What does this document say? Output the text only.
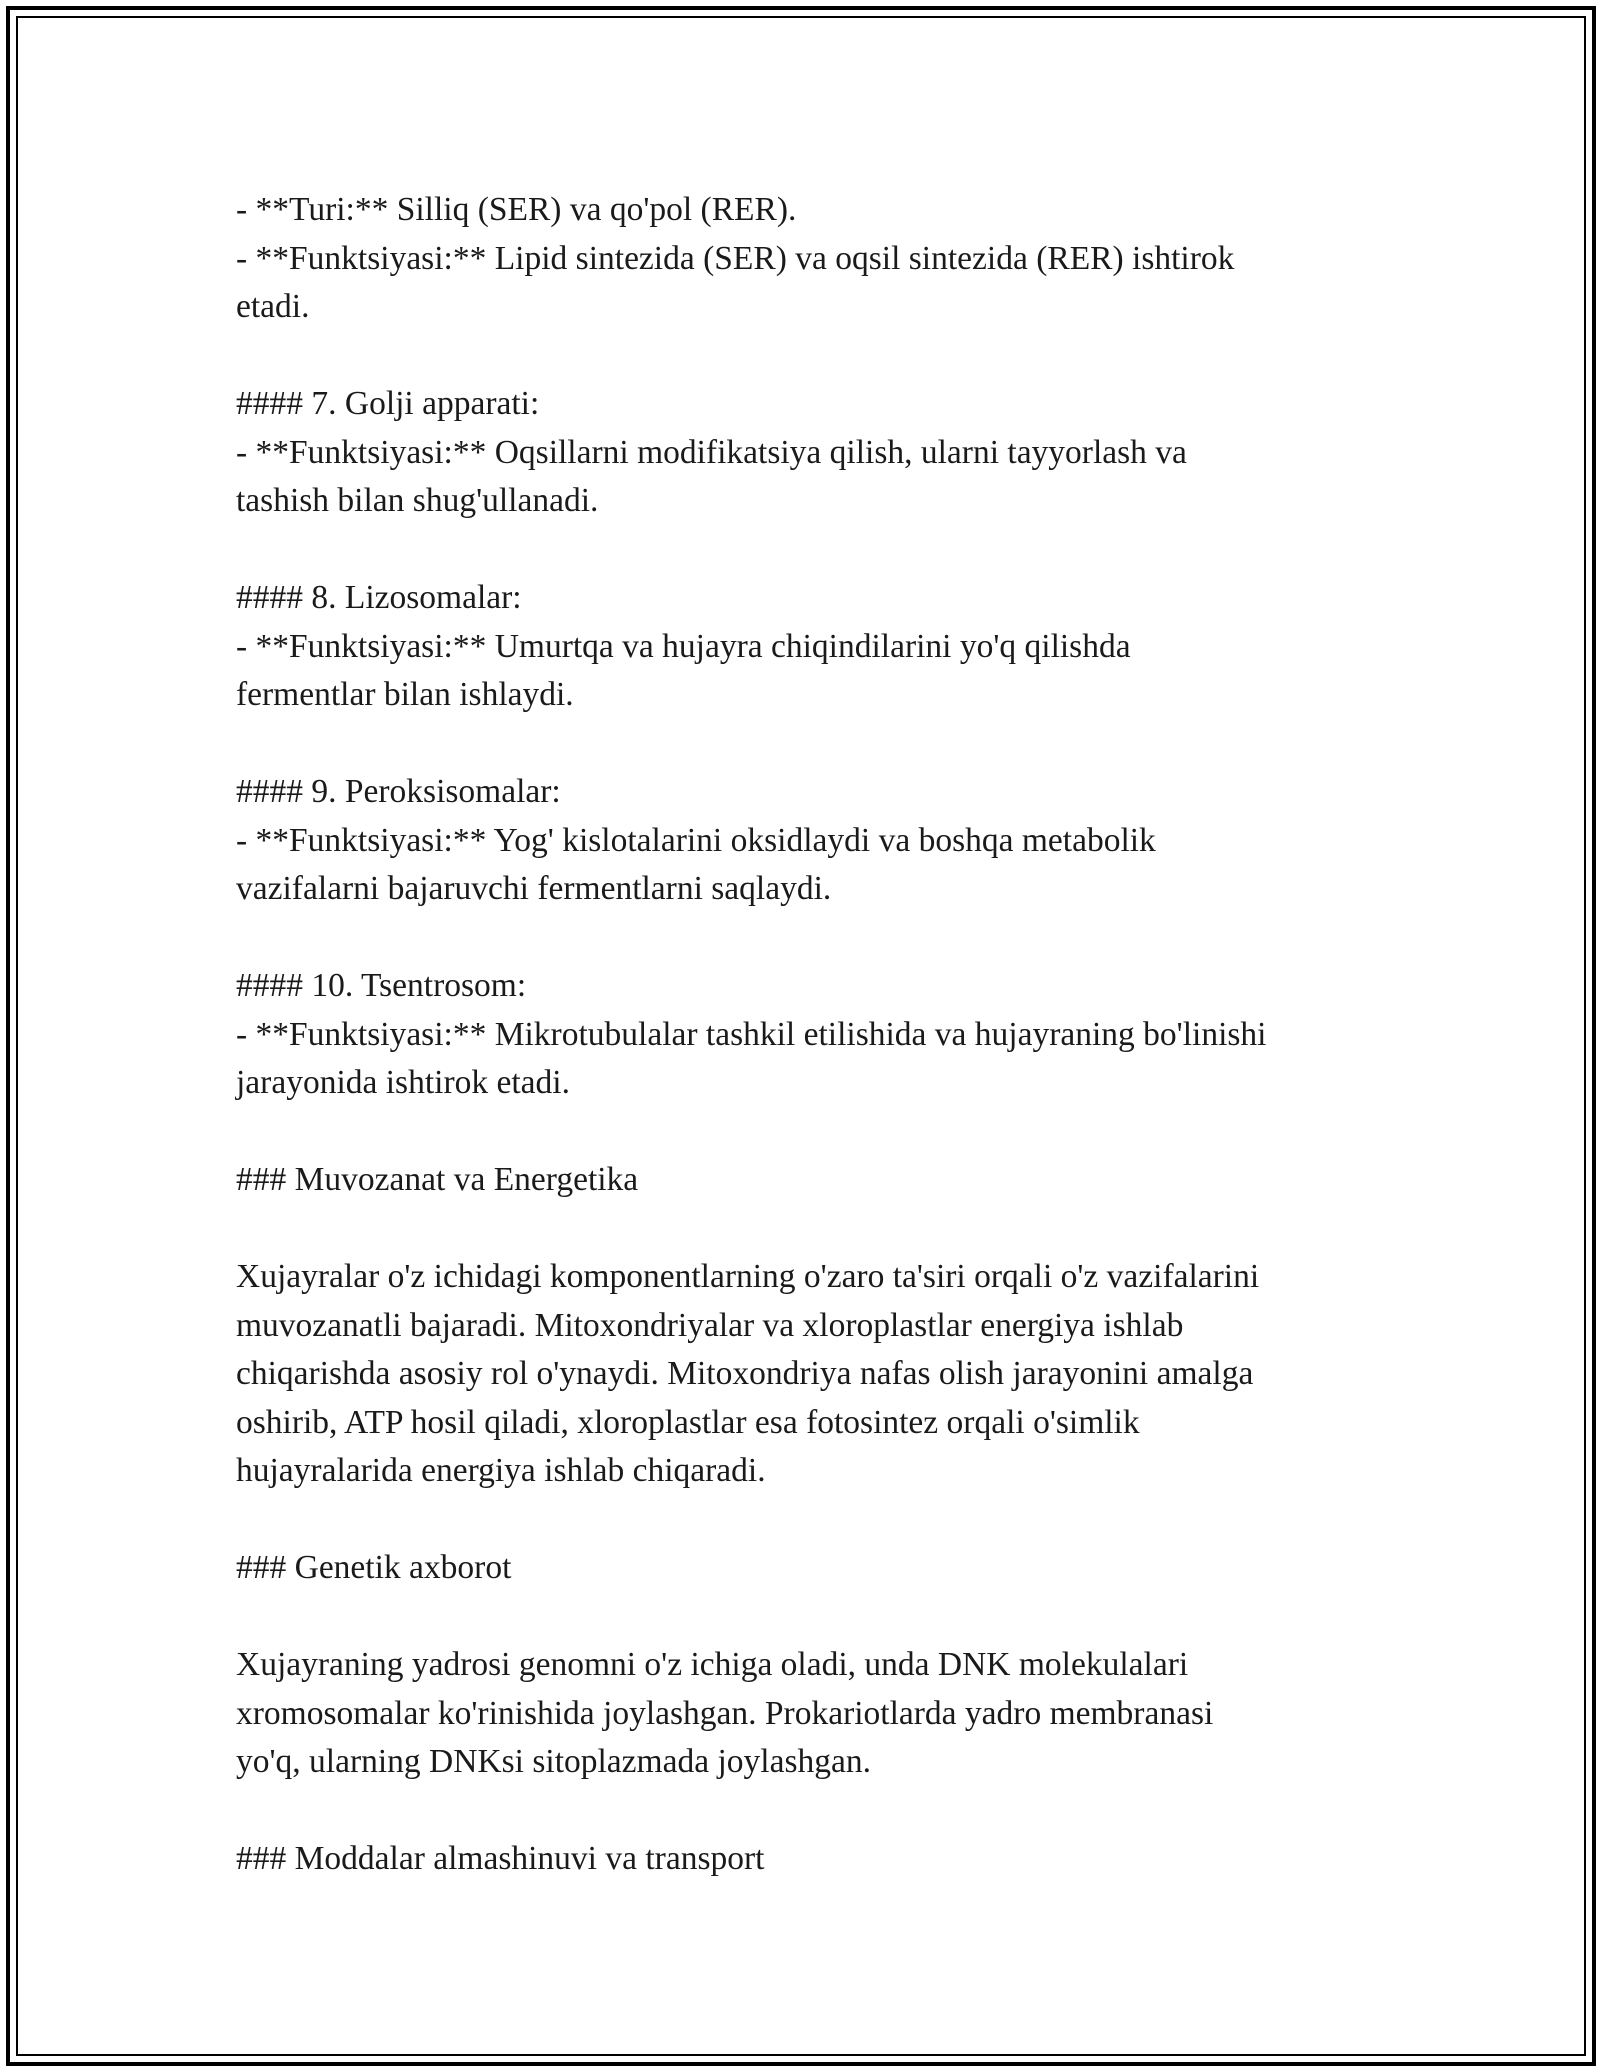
- **Turi:** Silliq (SER) va qo'pol (RER).
- **Funktsiyasi:** Lipid sintezida (SER) va oqsil sintezida (RER) ishtirok
etadi.
#### 7. Golji apparati:
- **Funktsiyasi:** Oqsillarni modifikatsiya qilish, ularni tayyorlash va
tashish bilan shug'ullanadi.
#### 8. Lizosomalar:
- **Funktsiyasi:** Umurtqa va hujayra chiqindilarini yo'q qilishda
fermentlar bilan ishlaydi.
#### 9. Peroksisomalar:
- **Funktsiyasi:** Yog' kislotalarini oksidlaydi va boshqa metabolik
vazifalarni bajaruvchi fermentlarni saqlaydi.
#### 10. Tsentrosom:
- **Funktsiyasi:** Mikrotubulalar tashkil etilishida va hujayraning bo'linishi
jarayonida ishtirok etadi.
### Muvozanat va Energetika
Xujayralar o'z ichidagi komponentlarning o'zaro ta'siri orqali o'z vazifalarini
muvozanatli bajaradi. Mitoxondriyalar va xloroplastlar energiya ishlab
chiqarishda asosiy rol o'ynaydi. Mitoxondriya nafas olish jarayonini amalga
oshirib, ATP hosil qiladi, xloroplastlar esa fotosintez orqali o'simlik
hujayralarida energiya ishlab chiqaradi.
### Genetik axborot
Xujayraning yadrosi genomni o'z ichiga oladi, unda DNK molekulalari
xromosomalar ko'rinishida joylashgan. Prokariotlarda yadro membranasi
yo'q, ularning DNKsi sitoplazmada joylashgan.
### Moddalar almashinuvi va transport
